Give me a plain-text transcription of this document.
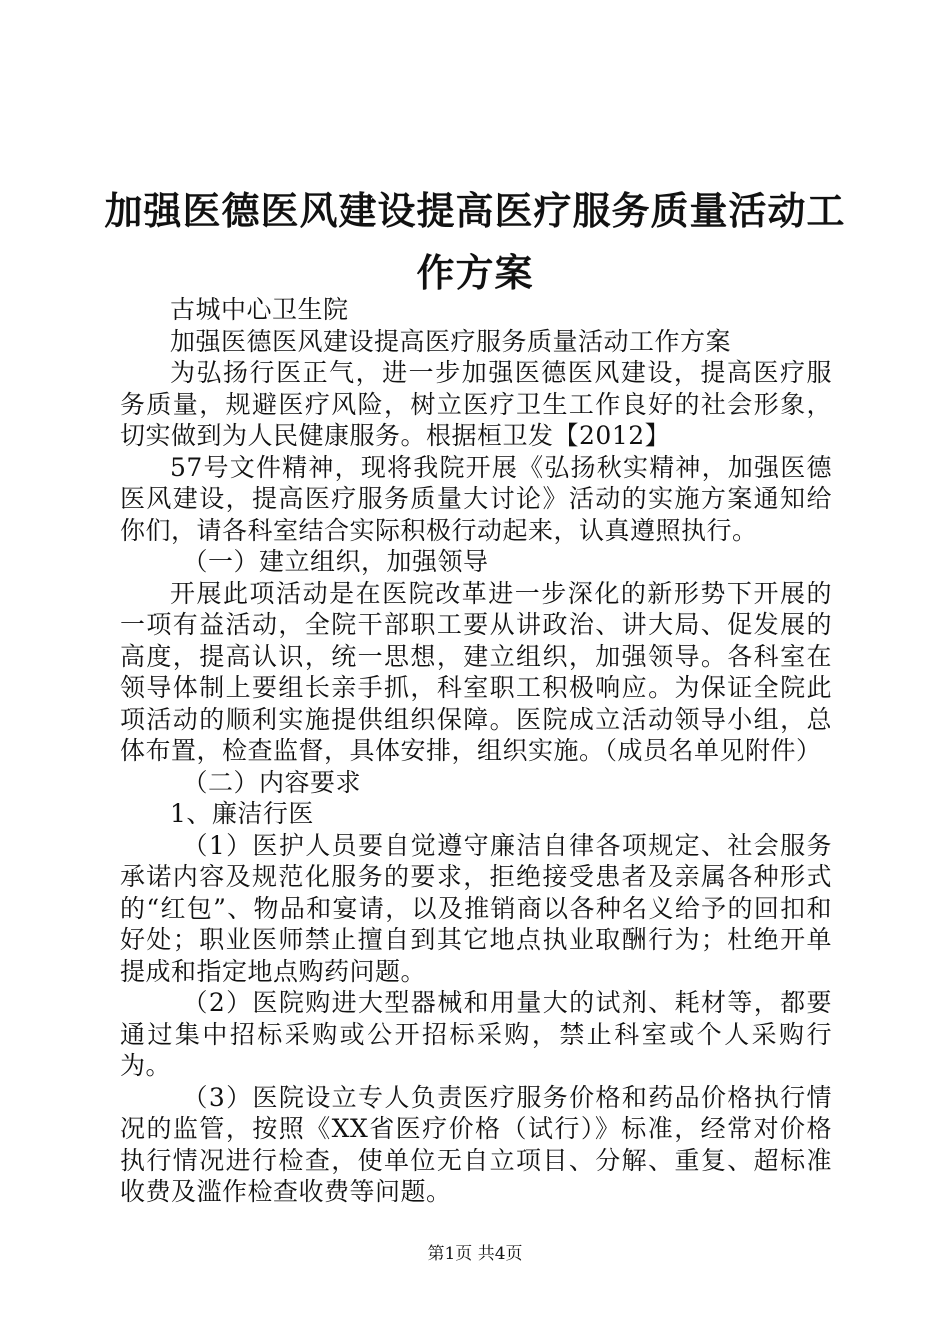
加强医德医风建设提高医疗服务质量活动工作方案

古城中心卫生院

加强医德医风建设提高医疗服务质量活动工作方案

为弘扬行医正气，进一步加强医德医风建设，提高医疗服务质量，规避医疗风险，树立医疗卫生工作良好的社会形象，切实做到为人民健康服务。根据桓卫发【2012】

57号文件精神，现将我院开展《弘扬秋实精神，加强医德医风建设，提高医疗服务质量大讨论》活动的实施方案通知给你们，请各科室结合实际积极行动起来，认真遵照执行。

（一）建立组织，加强领导

开展此项活动是在医院改革进一步深化的新形势下开展的一项有益活动，全院干部职工要从讲政治、讲大局、促发展的高度，提高认识，统一思想，建立组织，加强领导。各科室在领导体制上要组长亲手抓，科室职工积极响应。为保证全院此项活动的顺利实施提供组织保障。医院成立活动领导小组，总体布置，检查监督，具体安排，组织实施。（成员名单见附件）

（二）内容要求

1、廉洁行医

（1）医护人员要自觉遵守廉洁自律各项规定、社会服务承诺内容及规范化服务的要求，拒绝接受患者及亲属各种形式的“红包”、物品和宴请，以及推销商以各种名义给予的回扣和好处；职业医师禁止擅自到其它地点执业取酬行为；杜绝开单提成和指定地点购药问题。

（2）医院购进大型器械和用量大的试剂、耗材等，都要通过集中招标采购或公开招标采购，禁止科室或个人采购行为。

（3）医院设立专人负责医疗服务价格和药品价格执行情况的监管，按照《XX省医疗价格（试行）》标准，经常对价格执行情况进行检查，使单位无自立项目、分解、重复、超标准收费及滥作检查收费等问题。

第1页 共4页
